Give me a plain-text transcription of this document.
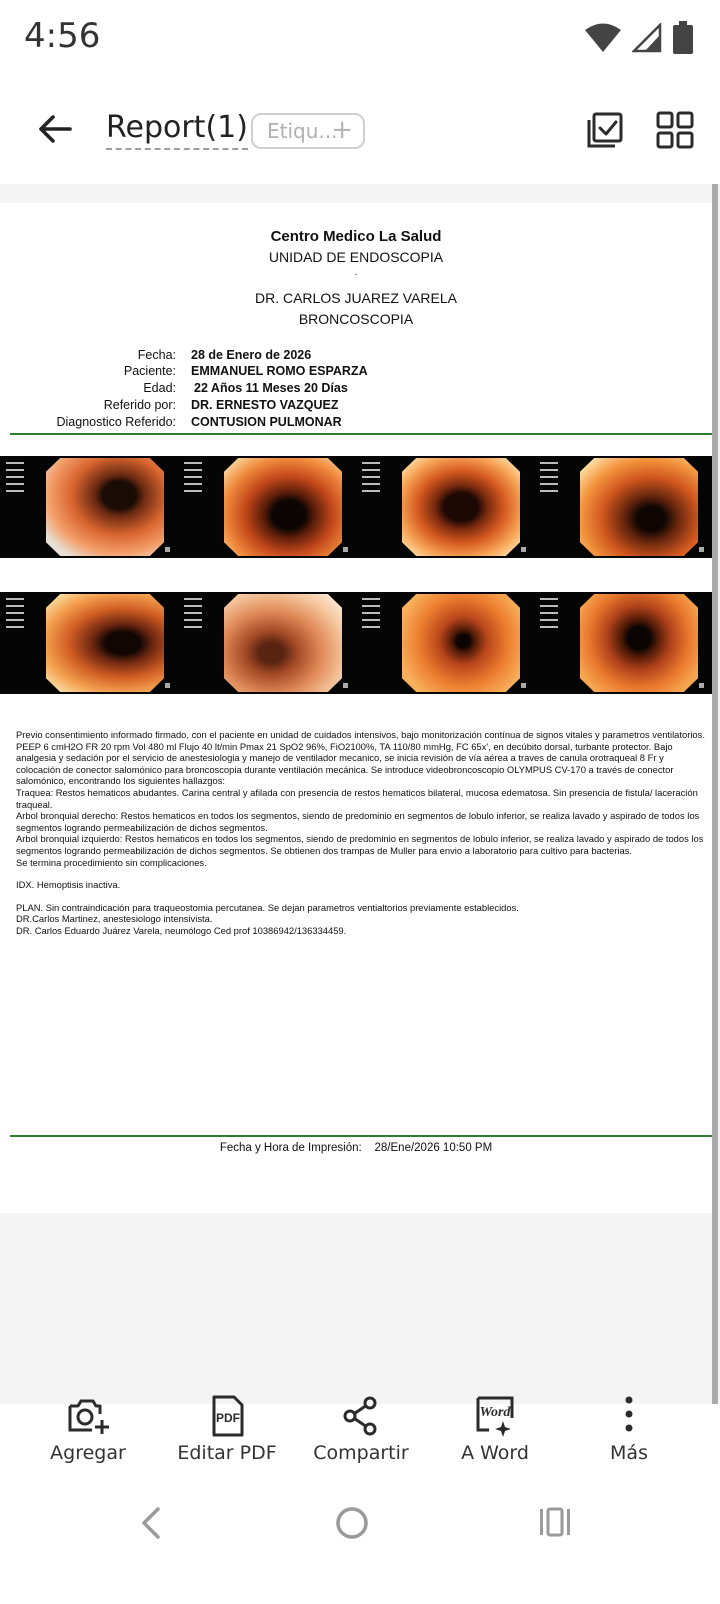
4:56
Report(1) Etiqu...
+
Centro Medico La Salud
UNIDAD DE ENDOSCOPIA
.
DR. CARLOS JUAREZ VARELA
BRONCOSCOPIA
Fecha: 28 de Enero de 2026
Paciente: EMMANUEL ROMO ESPARZA
Edad: 22 Años 11 Meses 20 Días
Referido por: DR. ERNESTO VAZQUEZ
Diagnostico Referido: CONTUSION PULMONAR

Previo consentimiento informado firmado, con el paciente en unidad de cuidados intensivos, bajo monitorización contínua de signos vitales y parametros ventilatorios. PEEP 6 cmH2O FR 20 rpm Vol 480 ml Flujo 40 lt/min Pmax 21 SpO2 96%, FiO2100%, TA 110/80 mmHg, FC 65x', en decúbito dorsal, turbante protector. Bajo analgesia y sedación por el servicio de anestesiologia y manejo de ventilador mecanico, se inicia revisión de vía aérea a traves de canula orotraqueal 8 Fr y colocación de conector salomónico para broncoscopia durante ventilación mecánica. Se introduce videobroncoscopio OLYMPUS CV-170 a través de conector salomónico, encontrando los siguientes hallazgos:

Traquea: Restos hematicos abudantes. Carina central y afilada con presencia de restos hematicos bilateral, mucosa edematosa. Sin presencia de fistula/ laceración traqueal.

Arbol bronquial derecho: Restos hematicos en todos los segmentos, siendo de predominio en segmentos de lobulo inferior, se realiza lavado y aspirado de todos los segmentos logrando permeabilización de dichos segmentos.

Arbol bronquial izquierdo: Restos hematicos en todos los segmentos, siendo de predominio en segmentos de lobulo inferior, se realiza lavado y aspirado de todos los segmentos logrando permeabilización de dichos segmentos. Se obtienen dos trampas de Muller para envio a laboratorio para cultivo para bacterias.

Se termina procedimiento sin complicaciones.

IDX. Hemoptisis inactiva.

PLAN. Sin contraindicación para traqueostomia percutanea. Se dejan parametros ventialtorios previamente establecidos.

DR.Carlos Martinez, anestesiologo intensivista.

DR. Carlos Eduardo Juárez Varela, neumólogo Ced prof 10386942/136334459.

Fecha y Hora de Impresión: 28/Ene/2026 10:50 PM
Agregar
PDF
Editar PDF	Compartir
Word
A Word	Más
